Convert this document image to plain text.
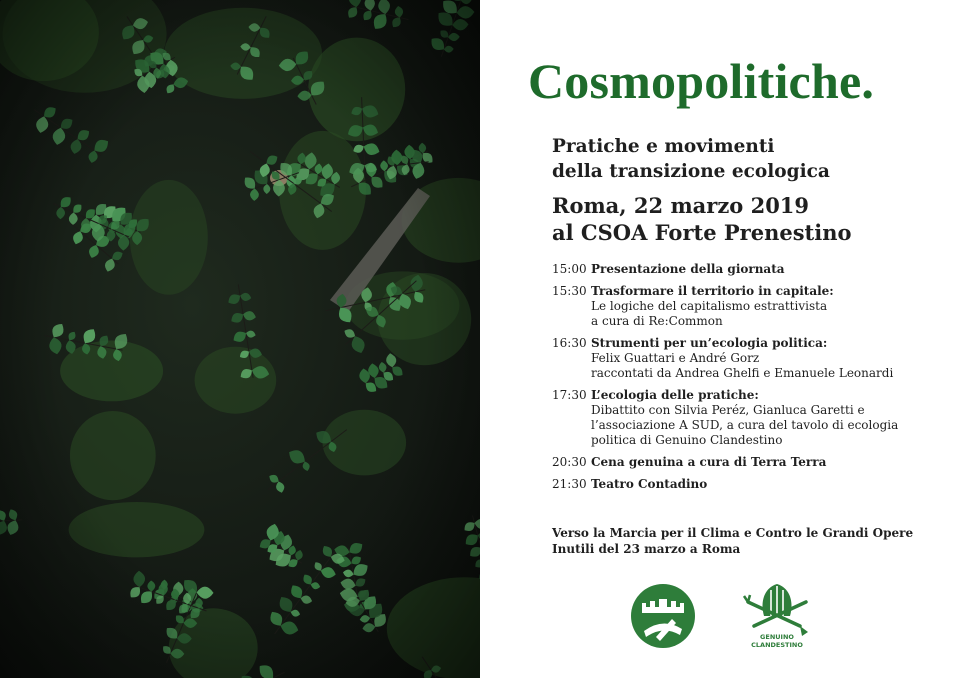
Cosmopolitiche.
Pratiche e movimenti
della transizione ecologica
Roma, 22 marzo 2019
al CSOA Forte Prenestino
15:00 Presentazione della giornata
15:30 Trasformare il territorio in capitale:
Le logiche del capitalismo estrattivista
a cura di Re:Common
16:30 Strumenti per un’ecologia politica:
Felix Guattari e André Gorz
raccontati da Andrea Ghelfi e Emanuele Leonardi
17:30 L’ecologia delle pratiche:
Dibattito con Silvia Peréz, Gianluca Garetti e
l’associazione A SUD, a cura del tavolo di ecologia
politica di Genuino Clandestino
20:30 Cena genuina a cura di Terra Terra
21:30 Teatro Contadino
Verso la Marcia per il Clima e Contro le Grandi Opere
Inutili del 23 marzo a Roma
GENUINO
CLANDESTINO
